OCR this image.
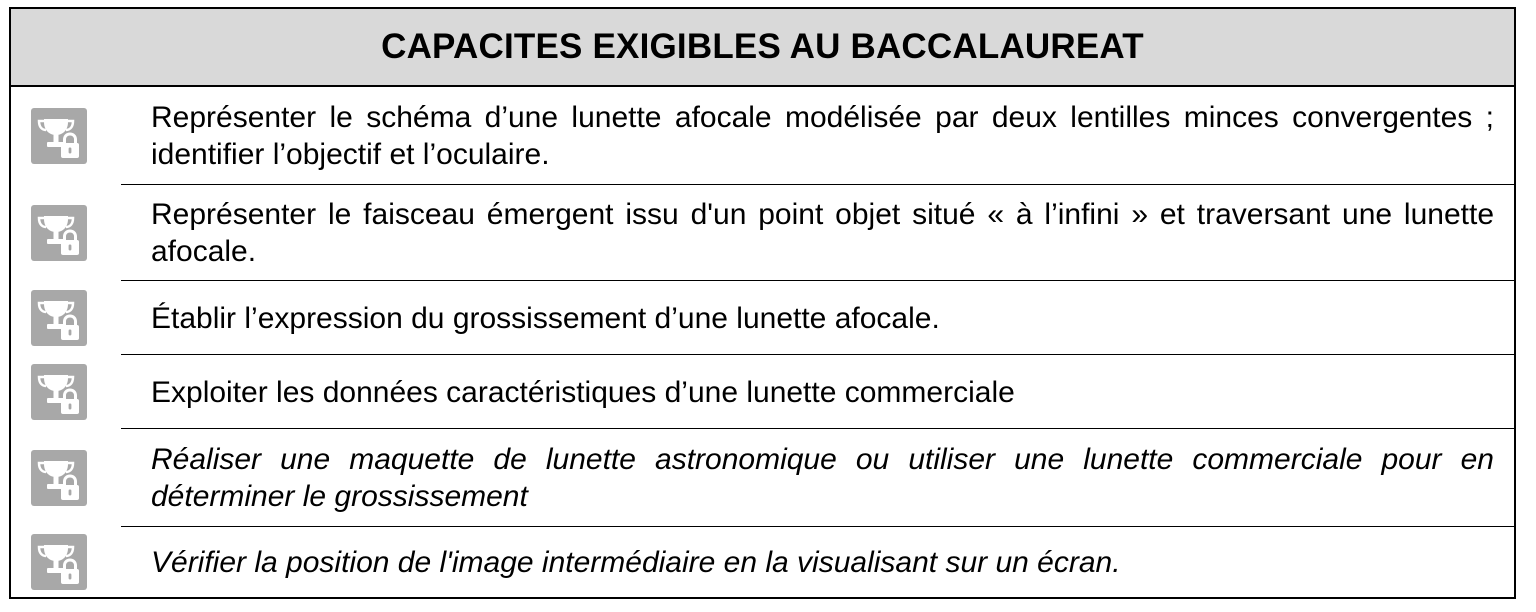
CAPACITES EXIGIBLES AU BACCALAUREAT
Représenter le schéma d’une lunette afocale modélisée par deux lentilles minces convergentes ; identifier l’objectif et l’oculaire.
Représenter le faisceau émergent issu d'un point objet situé « à l’infini » et traversant une lunette afocale.
Établir l’expression du grossissement d’une lunette afocale.
Exploiter les données caractéristiques d’une lunette commerciale
Réaliser une maquette de lunette astronomique ou utiliser une lunette commerciale pour en déterminer le grossissement
Vérifier la position de l'image intermédiaire en la visualisant sur un écran.
